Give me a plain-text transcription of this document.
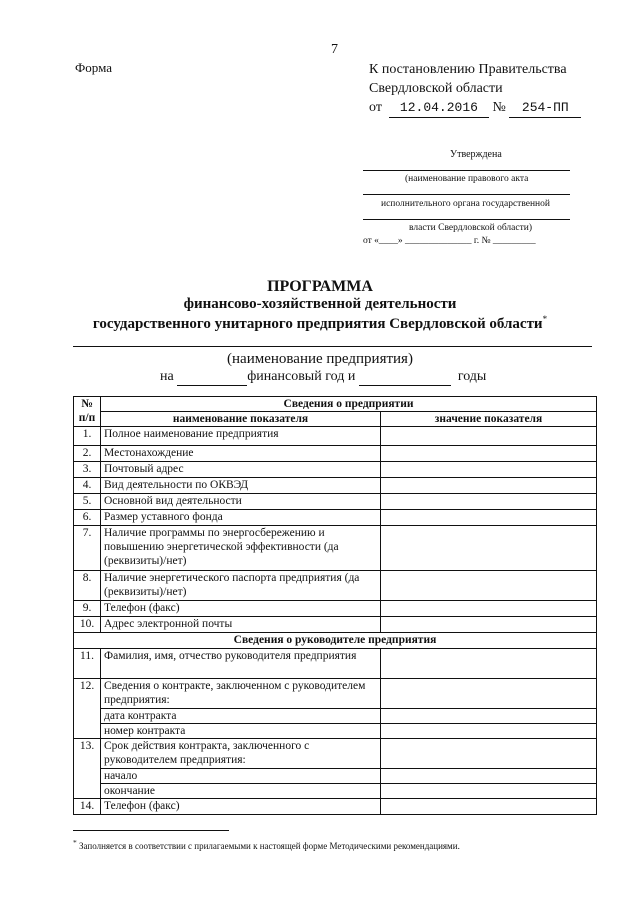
7
Форма	К постановлению Правительства
Свердловской области
от
	12.04.2016
	№
	254-ПП
Утверждена
(наименование правового акта
исполнительного органа государственной
власти Свердловской области)
от «____» ______________ г. № _________
ПРОГРАММА
финансово-хозяйственной деятельности
государственного унитарного предприятия Свердловской области*
(наименование предприятия)
на	финансовый год и	годы
№
п/п	Сведения о предприятии	
	наименование показателя	значение показателя
1.	Полное наименование предприятия	
2.	Местонахождение	
3.	Почтовый адрес	
4.	Вид деятельности по ОКВЭД	
5.	Основной вид деятельности	
6.	Размер уставного фонда	
7.	Наличие программы по энергосбережению и повышению энергетической эффективности (да (реквизиты)/нет)	
8.	Наличие энергетического паспорта предприятия (да (реквизиты)/нет)	
9.	Телефон (факс)	
10.	Адрес электронной почты	
Сведения о руководителе предприятия		
11.	Фамилия, имя, отчество руководителя предприятия	
12.	Сведения о контракте, заключенном с руководителем предприятия:	
	дата контракта	
	номер контракта	
13.	Срок действия контракта, заключенного с руководителем предприятия:	
	начало	
	окончание	
14.	Телефон (факс)	
* Заполняется в соответствии с прилагаемыми к настоящей форме Методическими рекомендациями.
